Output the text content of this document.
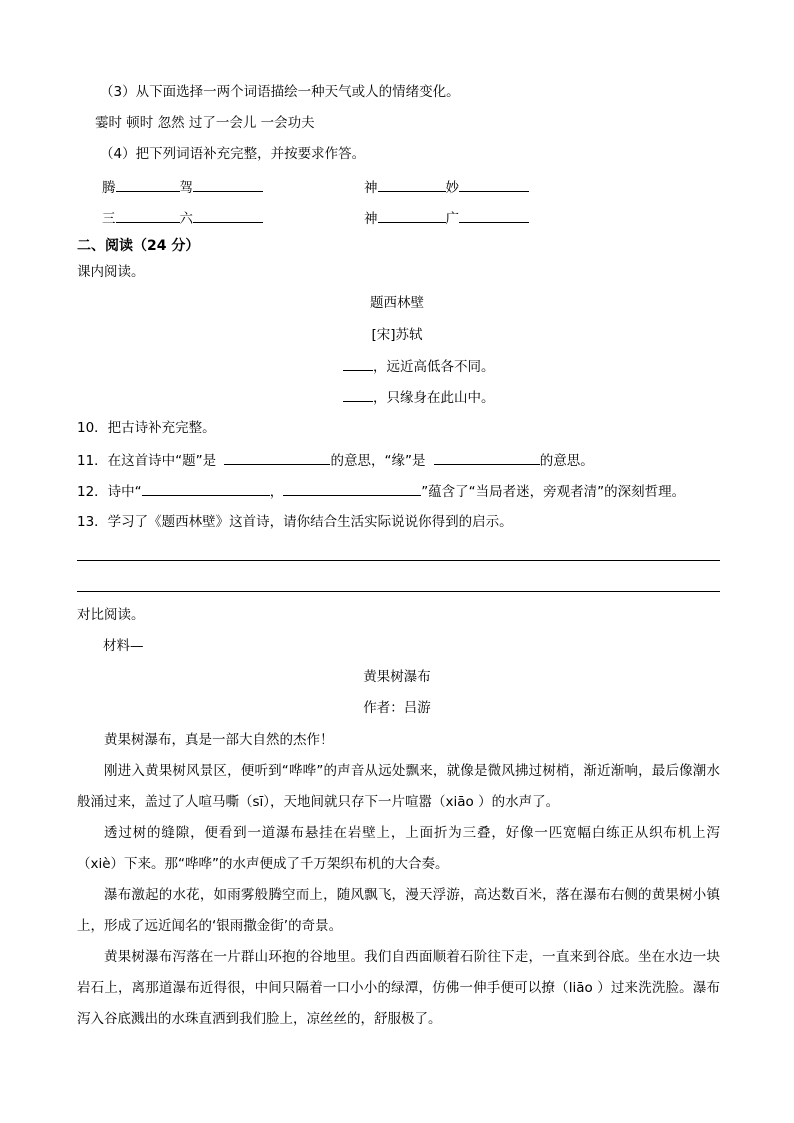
（3）从下面选择一两个词语描绘一种天气或人的情绪变化。
霎时 顿时 忽然 过了一会儿 一会功夫
（4）把下列词语补充完整，并按要求作答。
腾	驾	神	妙
三	六	神	广
二、阅读（24 分）
课内阅读。
题西林壁
[宋]苏轼
，远近高低各不同。
，只缘身在此山中。
10．把古诗补充完整。
11．在这首诗中“题”是	的意思，“缘”是	的意思。
12．诗中“	，	”蕴含了“当局者迷，旁观者清”的深刻哲理。
13．学习了《题西林壁》这首诗，请你结合生活实际说说你得到的启示。
对比阅读。
材料—
黄果树瀑布
作者：吕游
黄果树瀑布，真是一部大自然的杰作！
刚进入黄果树风景区，便听到“哗哗”的声音从远处飘来，就像是微风拂过树梢，渐近渐响，最后像潮水般涌过来，盖过了人喧马嘶（sī），天地间就只存下一片喧嚣（xiāo ）的水声了。
透过树的缝隙，便看到一道瀑布悬挂在岩壁上，上面折为三叠，好像一匹宽幅白练正从织布机上泻（xiè）下来。那“哗哗”的水声便成了千万架织布机的大合奏。
瀑布激起的水花，如雨雾般腾空而上，随风飘飞，漫天浮游，高达数百米，落在瀑布右侧的黄果树小镇上，形成了远近闻名的‘银雨撒金街’的奇景。
黄果树瀑布泻落在一片群山环抱的谷地里。我们自西面顺着石阶往下走，一直来到谷底。坐在水边一块岩石上，离那道瀑布近得很，中间只隔着一口小小的绿潭，仿佛一伸手便可以撩（liāo ）过来洗洗脸。瀑布泻入谷底溅出的水珠直洒到我们脸上，凉丝丝的，舒服极了。
